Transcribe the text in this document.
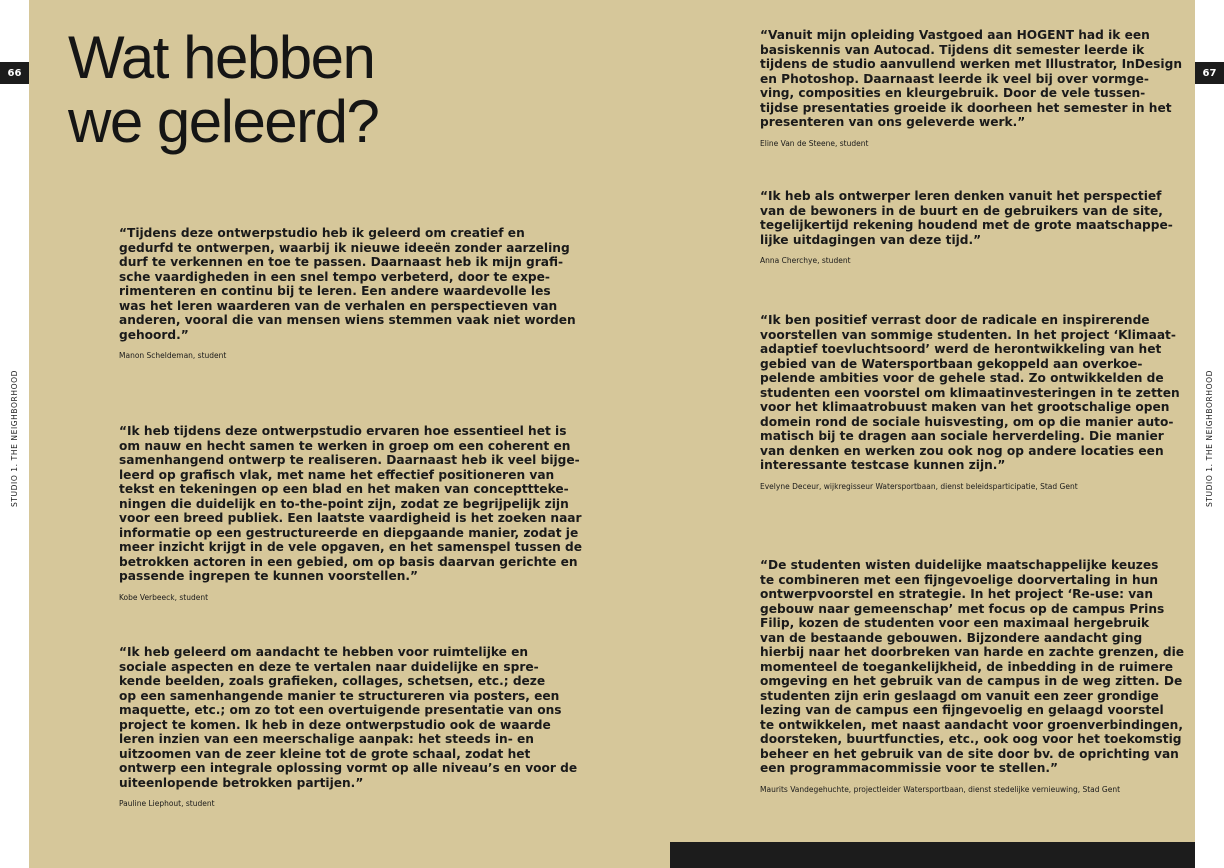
66	67
STUDIO 1. THE NEIGHBORHOOD	STUDIO 1. THE NEIGHBORHOOD
Wat hebben
we geleerd?

“Tijdens deze ontwerpstudio heb ik geleerd om creatief en
gedurfd te ontwerpen, waarbij ik nieuwe ideeën zonder aarzeling
durf te verkennen en toe te passen. Daarnaast heb ik mijn grafi-
sche vaardigheden in een snel tempo verbeterd, door te expe-
rimenteren en continu bij te leren. Een andere waardevolle les
was het leren waarderen van de verhalen en perspectieven van
anderen, vooral die van mensen wiens stemmen vaak niet worden
gehoord.”

Manon Scheldeman, student

“Ik heb tijdens deze ontwerpstudio ervaren hoe essentieel het is
om nauw en hecht samen te werken in groep om een coherent en
samenhangend ontwerp te realiseren. Daarnaast heb ik veel bijge-
leerd op grafisch vlak, met name het effectief positioneren van
tekst en tekeningen op een blad en het maken van concepttteke-
ningen die duidelijk en to-the-point zijn, zodat ze begrijpelijk zijn
voor een breed publiek. Een laatste vaardigheid is het zoeken naar
informatie op een gestructureerde en diepgaande manier, zodat je
meer inzicht krijgt in de vele opgaven, en het samenspel tussen de
betrokken actoren in een gebied, om op basis daarvan gerichte en
passende ingrepen te kunnen voorstellen.”

Kobe Verbeeck, student

“Ik heb geleerd om aandacht te hebben voor ruimtelijke en
sociale aspecten en deze te vertalen naar duidelijke en spre-
kende beelden, zoals grafieken, collages, schetsen, etc.; deze
op een samenhangende manier te structureren via posters, een
maquette, etc.; om zo tot een overtuigende presentatie van ons
project te komen. Ik heb in deze ontwerpstudio ook de waarde
leren inzien van een meerschalige aanpak: het steeds in- en
uitzoomen van de zeer kleine tot de grote schaal, zodat het
ontwerp een integrale oplossing vormt op alle niveau’s en voor de
uiteenlopende betrokken partijen.”

Pauline Liephout, student

“Vanuit mijn opleiding Vastgoed aan HOGENT had ik een
basiskennis van Autocad. Tijdens dit semester leerde ik
tijdens de studio aanvullend werken met Illustrator, InDesign
en Photoshop. Daarnaast leerde ik veel bij over vormge-
ving, composities en kleurgebruik. Door de vele tussen-
tijdse presentaties groeide ik doorheen het semester in het
presenteren van ons geleverde werk.”

Eline Van de Steene, student

“Ik heb als ontwerper leren denken vanuit het perspectief
van de bewoners in de buurt en de gebruikers van de site,
tegelijkertijd rekening houdend met de grote maatschappe-
lijke uitdagingen van deze tijd.”

Anna Cherchye, student

“Ik ben positief verrast door de radicale en inspirerende
voorstellen van sommige studenten. In het project ‘Klimaat-
adaptief toevluchtsoord’ werd de herontwikkeling van het
gebied van de Watersportbaan gekoppeld aan overkoe-
pelende ambities voor de gehele stad. Zo ontwikkelden de
studenten een voorstel om klimaatinvesteringen in te zetten
voor het klimaatrobuust maken van het grootschalige open
domein rond de sociale huisvesting, om op die manier auto-
matisch bij te dragen aan sociale herverdeling. Die manier
van denken en werken zou ook nog op andere locaties een
interessante testcase kunnen zijn.”

Evelyne Deceur, wijkregisseur Watersportbaan, dienst beleidsparticipatie, Stad Gent

“De studenten wisten duidelijke maatschappelijke keuzes
te combineren met een fijngevoelige doorvertaling in hun
ontwerpvoorstel en strategie. In het project ‘Re-use: van
gebouw naar gemeenschap’ met focus op de campus Prins
Filip, kozen de studenten voor een maximaal hergebruik
van de bestaande gebouwen. Bijzondere aandacht ging
hierbij naar het doorbreken van harde en zachte grenzen, die
momenteel de toegankelijkheid, de inbedding in de ruimere
omgeving en het gebruik van de campus in de weg zitten. De
studenten zijn erin geslaagd om vanuit een zeer grondige
lezing van de campus een fijngevoelig en gelaagd voorstel
te ontwikkelen, met naast aandacht voor groenverbindingen,
doorsteken, buurtfuncties, etc., ook oog voor het toekomstig
beheer en het gebruik van de site door bv. de oprichting van
een programmacommissie voor te stellen.”

Maurits Vandegehuchte, projectleider Watersportbaan, dienst stedelijke vernieuwing, Stad Gent
